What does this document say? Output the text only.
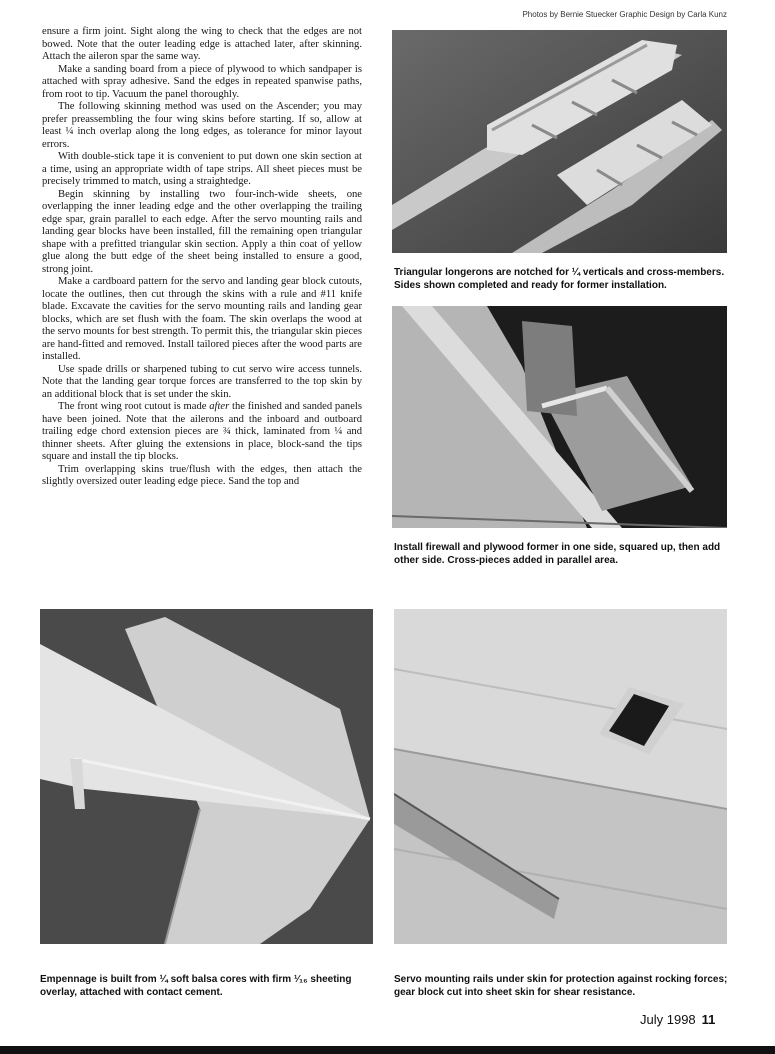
Photos by Bernie Stuecker Graphic Design by Carla Kunz

ensure a firm joint. Sight along the wing to check that the edges are not bowed. Note that the outer leading edge is attached later, after skinning. Attach the aileron spar the same way.

Make a sanding board from a piece of plywood to which sandpaper is attached with spray adhesive. Sand the edges in repeated spanwise paths, from root to tip. Vacuum the panel thoroughly.

The following skinning method was used on the Ascender; you may prefer preassembling the four wing skins before starting. If so, allow at least ¼ inch overlap along the long edges, as tolerance for minor layout errors.

With double-stick tape it is convenient to put down one skin section at a time, using an appropriate width of tape strips. All sheet pieces must be precisely trimmed to match, using a straightedge.

Begin skinning by installing two four-inch-wide sheets, one overlapping the inner leading edge and the other overlapping the trailing edge spar, grain parallel to each edge. After the servo mounting rails and landing gear blocks have been installed, fill the remaining open triangular shape with a prefitted triangular skin section. Apply a thin coat of yellow glue along the butt edge of the sheet being installed to ensure a good, strong joint.

Make a cardboard pattern for the servo and landing gear block cutouts, locate the outlines, then cut through the skins with a rule and #11 knife blade. Excavate the cavities for the servo mounting rails and landing gear blocks, which are set flush with the foam. The skin overlaps the wood at the servo mounts for best strength. To permit this, the triangular skin pieces are hand-fitted and removed. Install tailored pieces after the wood parts are installed.

Use spade drills or sharpened tubing to cut servo wire access tunnels. Note that the landing gear torque forces are transferred to the top skin by an additional block that is set under the skin.

The front wing root cutout is made after the finished and sanded panels have been joined. Note that the ailerons and the inboard and outboard trailing edge chord extension pieces are ¾ thick, laminated from ¼ and thinner sheets. After gluing the extensions in place, block-sand the tips square and install the tip blocks.

Trim overlapping skins true/flush with the edges, then attach the slightly oversized outer leading edge piece. Sand the top and

Triangular longerons are notched for ¼ verticals and cross-members. Sides shown completed and ready for former installation.
Install firewall and plywood former in one side, squared up, then add other side. Cross-pieces added in parallel area.
Empennage is built from ¼ soft balsa cores with firm ¹⁄₁₆ sheeting overlay, attached with contact cement.
Servo mounting rails under skin for protection against rocking forces; gear block cut into sheet skin for shear resistance.
July 1998 11
